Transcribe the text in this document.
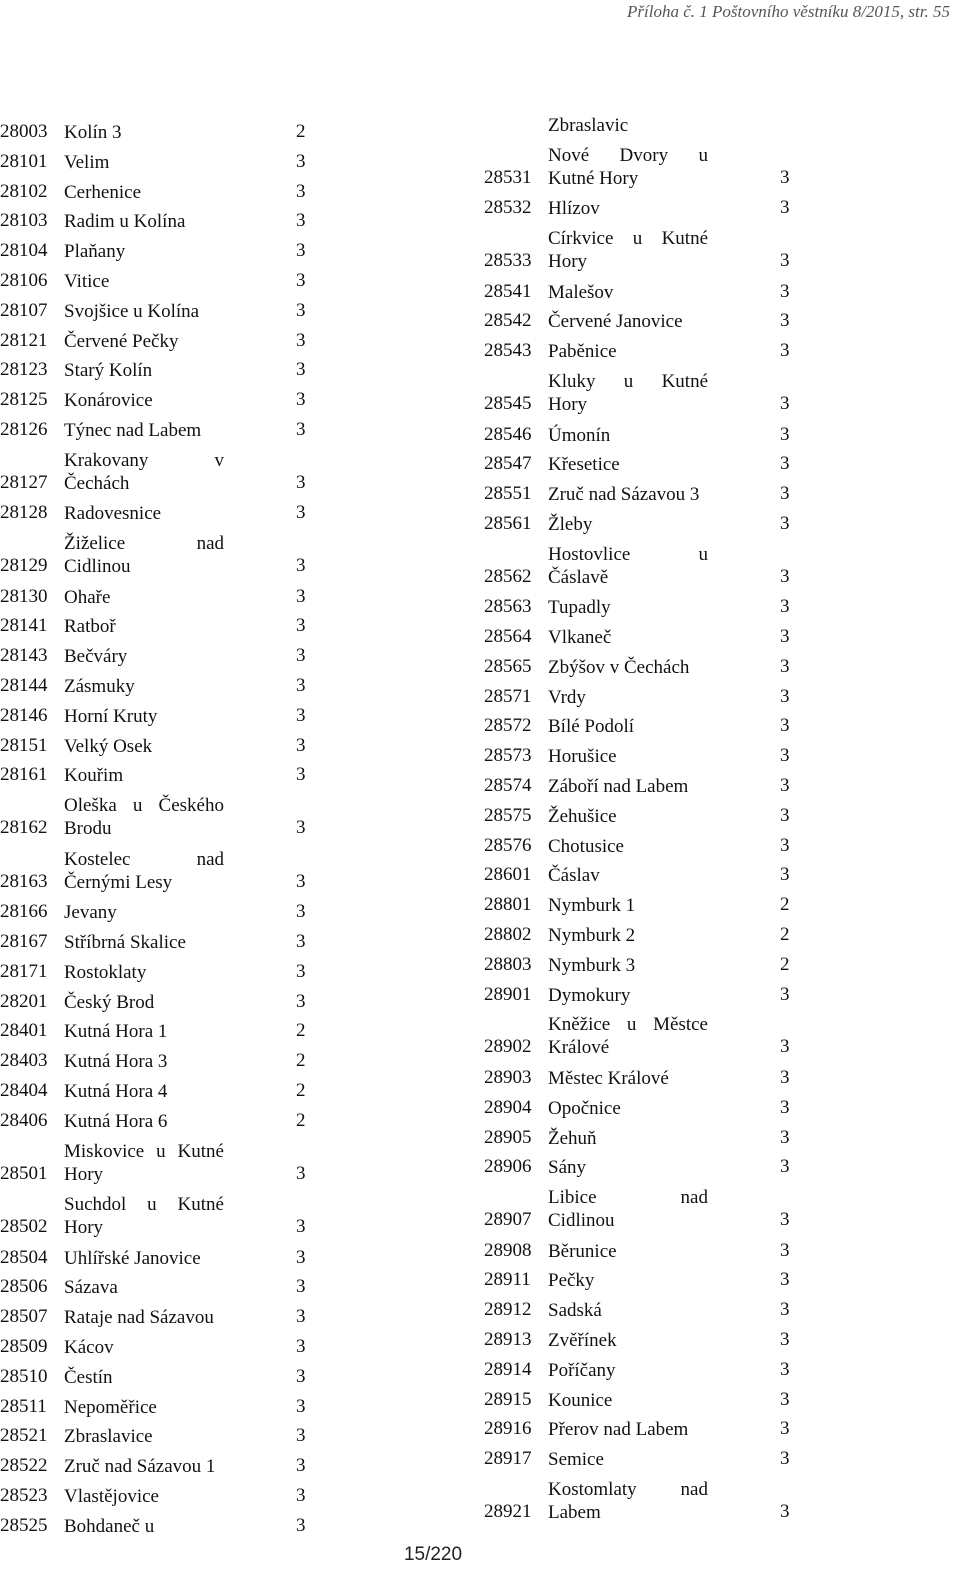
Příloha č. 1 Poštovního věstníku 8/2015, str. 55
28003 Kolín 3	2
28101 Velim	3
28102 Cerhenice	3
28103 Radim u Kolína	3
28104 Plaňany	3
28106 Vitice	3
28107 Svojšice u Kolína	3
28121 Červené Pečky	3
28123 Starý Kolín	3
28125 Konárovice	3
28126 Týnec nad Labem	3
28127
Krakovany v
Čechách	3
28128 Radovesnice	3
28129
Žiželice nad
Cidlinou	3
28130 Ohaře	3
28141 Ratboř	3
28143 Bečváry	3
28144 Zásmuky	3
28146 Horní Kruty	3
28151 Velký Osek	3
28161 Kouřim	3
28162
Oleška u Českého
Brodu	3
28163
Kostelec nad
Černými Lesy	3
28166 Jevany	3
28167 Stříbrná Skalice	3
28171 Rostoklaty	3
28201 Český Brod	3
28401 Kutná Hora 1	2
28403 Kutná Hora 3	2
28404 Kutná Hora 4	2
28406 Kutná Hora 6	2
28501
Miskovice u Kutné
Hory	3
28502
Suchdol u Kutné
Hory	3
28504 Uhlířské Janovice	3
28506 Sázava	3
28507 Rataje nad Sázavou	3
28509 Kácov	3
28510 Čestín	3
28511 Nepoměřice	3
28521 Zbraslavice	3
28522 Zruč nad Sázavou 1	3
28523 Vlastějovice	3
28525 Bohdaneč u	3
Zbraslavic
28531
Nové Dvory u
Kutné Hory	3
28532 Hlízov	3
28533
Církvice u Kutné
Hory	3
28541 Malešov	3
28542 Červené Janovice	3
28543 Paběnice	3
28545
Kluky u Kutné
Hory	3
28546 Úmonín	3
28547 Křesetice	3
28551 Zruč nad Sázavou 3	3
28561 Žleby	3
28562
Hostovlice u
Čáslavě	3
28563 Tupadly	3
28564 Vlkaneč	3
28565 Zbýšov v Čechách	3
28571 Vrdy	3
28572 Bílé Podolí	3
28573 Horušice	3
28574 Záboří nad Labem	3
28575 Žehušice	3
28576 Chotusice	3
28601 Čáslav	3
28801 Nymburk 1	2
28802 Nymburk 2	2
28803 Nymburk 3	2
28901 Dymokury	3
28902
Kněžice u Městce
Králové	3
28903 Městec Králové	3
28904 Opočnice	3
28905 Žehuň	3
28906 Sány	3
28907
Libice nad
Cidlinou	3
28908 Běrunice	3
28911 Pečky	3
28912 Sadská	3
28913 Zvěřínek	3
28914 Poříčany	3
28915 Kounice	3
28916 Přerov nad Labem	3
28917 Semice	3
28921
Kostomlaty nad
Labem	3
15/220
